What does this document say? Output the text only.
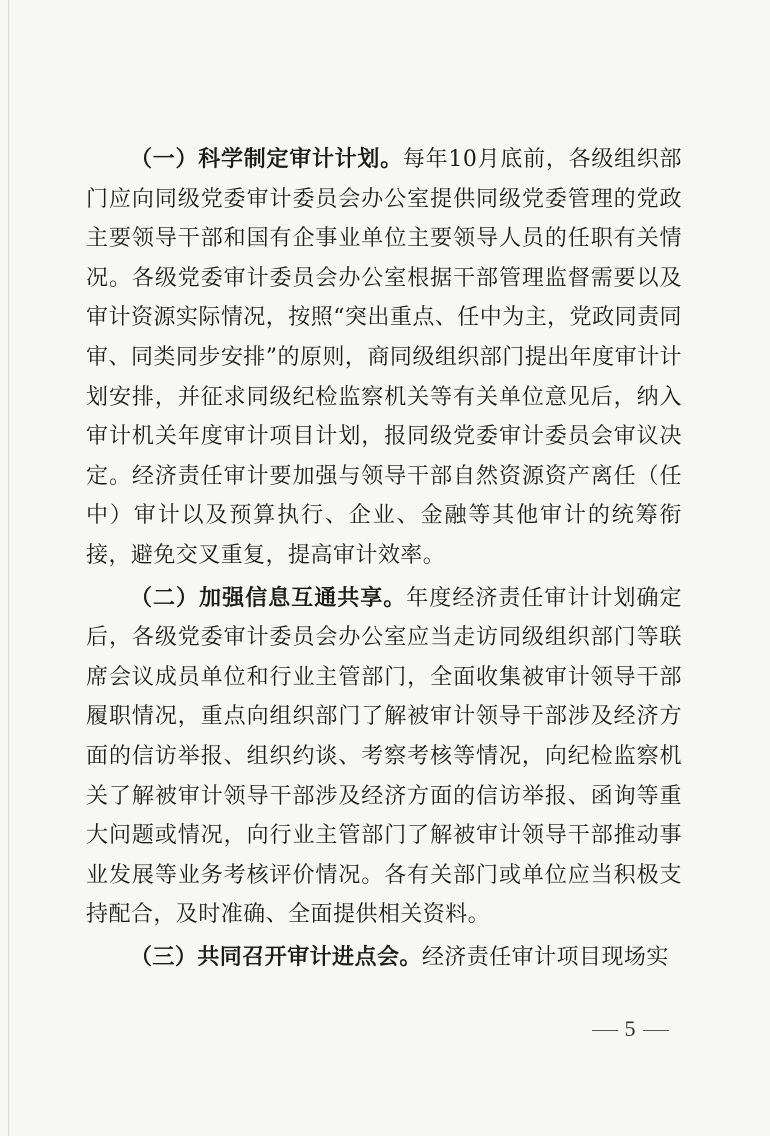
（一）科学制定审计计划。每年10月底前，各级组织部门应向同级党委审计委员会办公室提供同级党委管理的党政主要领导干部和国有企事业单位主要领导人员的任职有关情况。各级党委审计委员会办公室根据干部管理监督需要以及审计资源实际情况，按照“突出重点、任中为主，党政同责同审、同类同步安排”的原则，商同级组织部门提出年度审计计划安排，并征求同级纪检监察机关等有关单位意见后，纳入审计机关年度审计项目计划，报同级党委审计委员会审议决定。经济责任审计要加强与领导干部自然资源资产离任（任中）审计以及预算执行、企业、金融等其他审计的统筹衔接，避免交叉重复，提高审计效率。

（二）加强信息互通共享。年度经济责任审计计划确定后，各级党委审计委员会办公室应当走访同级组织部门等联席会议成员单位和行业主管部门，全面收集被审计领导干部履职情况，重点向组织部门了解被审计领导干部涉及经济方面的信访举报、组织约谈、考察考核等情况，向纪检监察机关了解被审计领导干部涉及经济方面的信访举报、函询等重大问题或情况，向行业主管部门了解被审计领导干部推动事业发展等业务考核评价情况。各有关部门或单位应当积极支持配合，及时准确、全面提供相关资料。

（三）共同召开审计进点会。经济责任审计项目现场实

5
